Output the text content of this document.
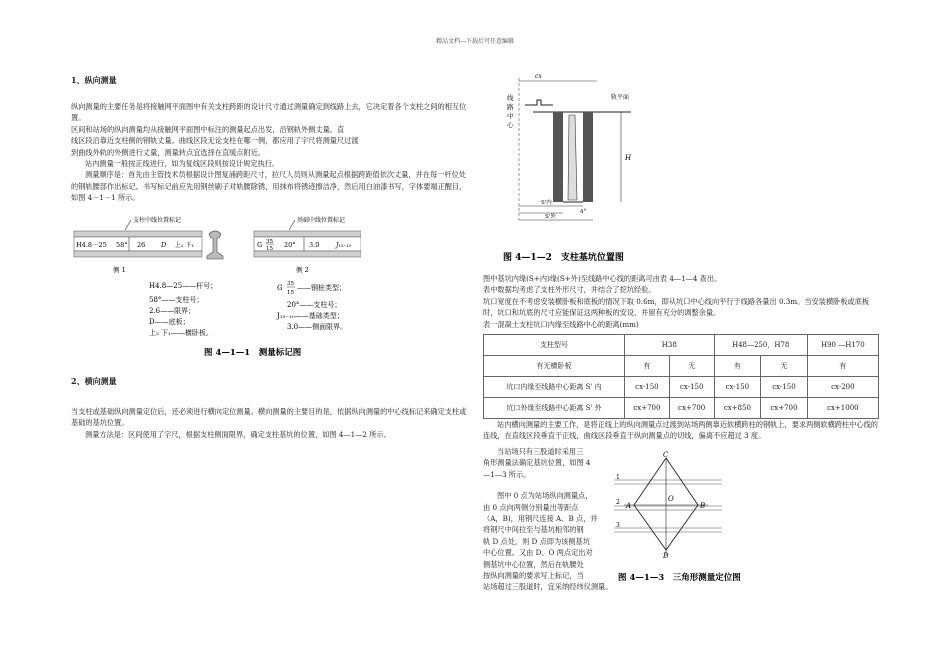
精品文档---下载后可任意编辑
1、纵向测量
纵向测量的主要任务是将接触网平面图中有关支柱跨距的设计尺寸通过测量确定到线路上去，它决定着各个支柱之间的相互位置。
区间和站场的纵向测量均从接触网平面图中标注的测量起点出发，沿钢轨外侧丈量。直
线区段沿靠近支柱侧的钢轨丈量。曲线区段无论支柱在哪一侧，都应用了字尺将测量尺过渡
到曲线外轨的外侧进行丈量，测量转点宜选择在直缓点附近。
站内测量一般按正线进行，如为复线区段则按设计规定执行。
测量顺序是：首先由主管技术员根据设计图复涌跨距尺寸，拉尺人员则从测量起点根据跨距值依次丈量，并在每一杆位处的钢轨腰部作出标记。书写标记前应先用钢丝刷子对轨腰除锈，用抹布将锈迹擦洁净，然后用白油漆书写，字体要端正醒目，如图 4－1－1 所示。
支柱中线位置标记
H4.8－25 58° 26 D 上₂ 下₁
侧 1
基础中线位置标记
G 35
15 20° 3.0	J₁₅₋₁₀
侧 2
H4.8—25——杆号；
58°——支柱号；
2.6——限界；
D——底板；
上₂ 下₁——横卧板。
G 35
15
——钢桩类型；
20°——支柱号；
J₁₅₋₁₀——基础类型；
3.0——侧面限界。
图 4—1—1　测量标记图
2、横向测量
当支柱或基础纵向测量定位后，还必须进行横向定位测量。横向测量的主要目的是，依据纵向测量的中心线标记来确定支柱或基础的基坑位置。
测量方法是：区间使用了字尺，根据支柱侧面限界，确定支柱基坑的位置，如图 4—1—2 所示。
cx
线
路
中
心
轨平面
H
S'内
4°
S'外
图 4—1—2　支柱基坑位置图
图中基坑内缘(S+内)缘(S+外)至线路中心线的距离可由表 4—1—4 查出。
表中数据均考虑了支柱外形尺寸，并结合了挖坑经验。
坑口宽度在不考虑安装横卧板和底板的情况下取 0.6m，即从坑口中心线向平行于线路各量出 0.3m。当安装横卧板或底板时，坑口和坑底的尺寸应能保证这两种板的安设，并留有充分的调整余量。
表一混凝土支柱坑口内缘至线路中心的距离(mm)
支柱型号	H38		H48—250，H78		H90 —H170
有无横卧板	有	无	有	无	有
坑口内缘至线路中心距离 S' 内	cx-150	cx-150	cx-150	cx-150	cx-200
坑口外缘至线路中心距离 S' 外	cx+700	cx+700	cx+850	cx+700	cx+1000
站内横向测量的主要工作，是将正线上的纵向测量点过渡到站场两侧靠近软横跨柱的钢轨上，要求两侧软横跨柱中心线的连线，在直线区段垂直于正线，曲线区段垂直于纵向测量点的切线，偏离不应超过 3 度。
当站场只有三股道时采用三
角形测量法确定基坑位置，如图 4
—1—3 所示。
图中 0 点为站场纵向测量点，
由 0 点向两侧分别量出等距点
（A，B)，用钢尺连接 A、B 点，并
将钢尺中间拉至与基坑相邻的钢
轨 D 点处，则 D 点即为该侧基坑
中心位置。又由 D、O 两点定出对
侧基坑中心位置，然后在轨腰处
按纵向测量的要求写上标记，当
站场超过三股道时，宜采纳经纬仪测量。
C
A
O
B
D
1
2
3
图 4—1—3　三角形测量定位图
